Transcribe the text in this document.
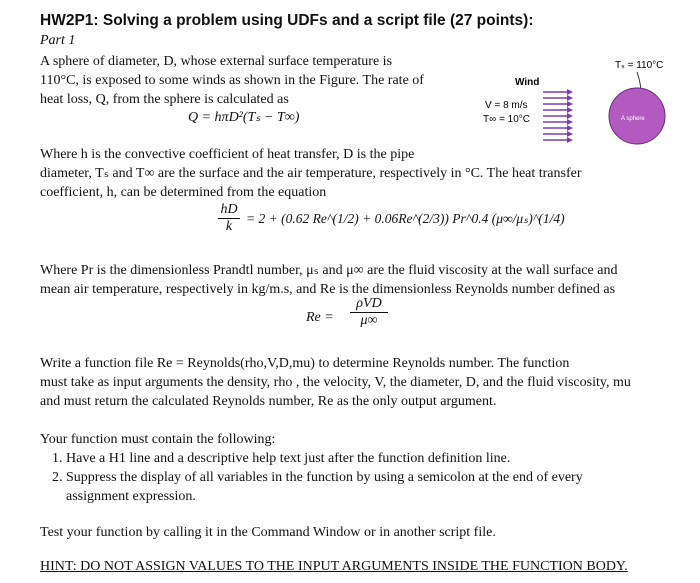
HW2P1: Solving a problem using UDFs and a script file (27 points):
Part 1
A sphere of diameter, D, whose external surface temperature is
110°C, is exposed to some winds as shown in the Figure. The rate of
heat loss, Q, from the sphere is calculated as
Q = hπD²(Tₛ − T∞)
Tₛ = 110°C
Wind
V = 8 m/s
T∞ = 10°C	A sphere
Where h is the convective coefficient of heat transfer, D is the pipe
diameter, Tₛ and T∞ are the surface and the air temperature, respectively in °C. The heat transfer
coefficient, h, can be determined from the equation
$\frac{hD}{k} = 2 + (0.62$ Re^(1/2) + 0.06Re^(2/3)) Pr^0.4 (μ∞/μₛ)^(1/4)
Where Pr is the dimensionless Prandtl number, μₛ and μ∞ are the fluid viscosity at the wall surface and
mean air temperature, respectively in kg/m.s, and Re is the dimensionless Reynolds number defined as
Re =
ρVD
μ∞
Write a function file Re = Reynolds(rho,V,D,mu) to determine Reynolds number. The function
must take as input arguments the density, rho , the velocity, V, the diameter, D, and the fluid viscosity, mu
and must return the calculated Reynolds number, Re as the only output argument.
Your function must contain the following:
1. Have a H1 line and a descriptive help text just after the function definition line.
2. Suppress the display of all variables in the function by using a semicolon at the end of every assignment expression.
Test your function by calling it in the Command Window or in another script file.
HINT: DO NOT ASSIGN VALUES TO THE INPUT ARGUMENTS INSIDE THE FUNCTION BODY.
